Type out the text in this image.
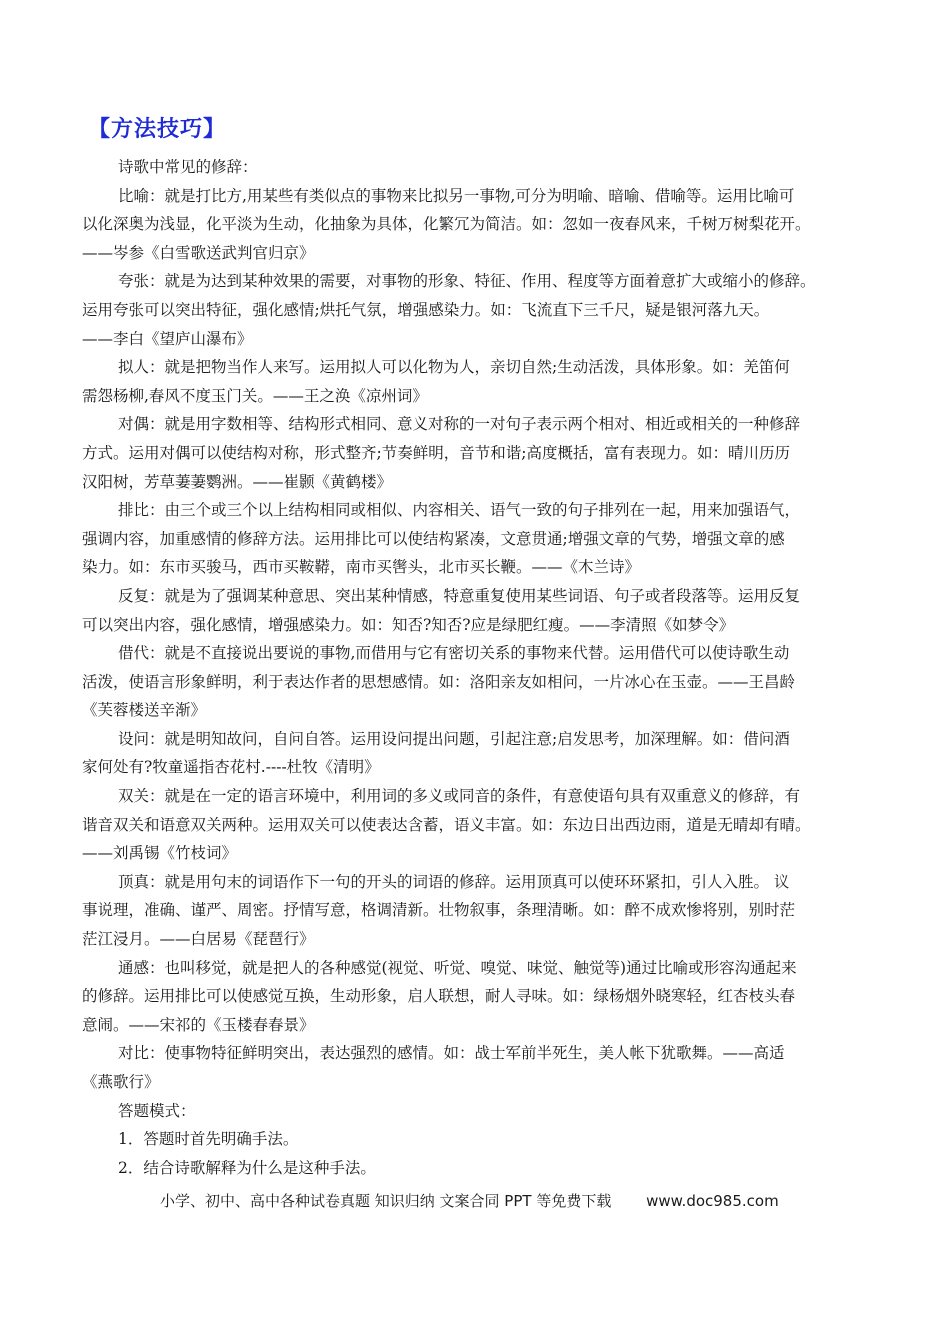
【方法技巧】
诗歌中常见的修辞：
比喻：就是打比方,用某些有类似点的事物来比拟另一事物,可分为明喻、暗喻、借喻等。运用比喻可
以化深奥为浅显，化平淡为生动，化抽象为具体，化繁冗为简洁。如：忽如一夜春风来，千树万树梨花开。
——岑参《白雪歌送武判官归京》
夸张：就是为达到某种效果的需要，对事物的形象、特征、作用、程度等方面着意扩大或缩小的修辞。
运用夸张可以突出特征，强化感情;烘托气氛，增强感染力。如：飞流直下三千尺，疑是银河落九天。
——李白《望庐山瀑布》
拟人：就是把物当作人来写。运用拟人可以化物为人，亲切自然;生动活泼，具体形象。如：羌笛何
需怨杨柳,春风不度玉门关。——王之涣《凉州词》
对偶：就是用字数相等、结构形式相同、意义对称的一对句子表示两个相对、相近或相关的一种修辞
方式。运用对偶可以使结构对称，形式整齐;节奏鲜明，音节和谐;高度概括，富有表现力。如：晴川历历
汉阳树，芳草萋萋鹦洲。——崔颢《黄鹤楼》
排比：由三个或三个以上结构相同或相似、内容相关、语气一致的句子排列在一起，用来加强语气，
强调内容，加重感情的修辞方法。运用排比可以使结构紧凑，文意贯通;增强文章的气势，增强文章的感
染力。如：东市买骏马，西市买鞍鞯，南市买辔头，北市买长鞭。——《木兰诗》
反复：就是为了强调某种意思、突出某种情感，特意重复使用某些词语、句子或者段落等。运用反复
可以突出内容，强化感情，增强感染力。如：知否?知否?应是绿肥红瘦。——李清照《如梦令》
借代：就是不直接说出要说的事物,而借用与它有密切关系的事物来代替。运用借代可以使诗歌生动
活泼，使语言形象鲜明，利于表达作者的思想感情。如：洛阳亲友如相问，一片冰心在玉壶。——王昌龄
《芙蓉楼送辛渐》
设问：就是明知故问，自问自答。运用设问提出问题，引起注意;启发思考，加深理解。如：借问酒
家何处有?牧童遥指杏花村.----杜牧《清明》
双关：就是在一定的语言环境中，利用词的多义或同音的条件，有意使语句具有双重意义的修辞，有
谐音双关和语意双关两种。运用双关可以使表达含蓄，语义丰富。如：东边日出西边雨，道是无晴却有晴。
——刘禹锡《竹枝词》
顶真：就是用句末的词语作下一句的开头的词语的修辞。运用顶真可以使环环紧扣，引人入胜。 议
事说理，准确、谨严、周密。抒情写意，格调清新。壮物叙事，条理清晰。如：醉不成欢惨将别，别时茫
茫江浸月。——白居易《琵琶行》
通感：也叫移觉，就是把人的各种感觉(视觉、听觉、嗅觉、味觉、触觉等)通过比喻或形容沟通起来
的修辞。运用排比可以使感觉互换，生动形象，启人联想，耐人寻味。如：绿杨烟外晓寒轻，红杏枝头春
意闹。——宋祁的《玉楼春春景》
对比：使事物特征鲜明突出，表达强烈的感情。如：战士军前半死生，美人帐下犹歌舞。——高适
《燕歌行》
答题模式：
1．答题时首先明确手法。
2．结合诗歌解释为什么是这种手法。
小学、初中、高中各种试卷真题 知识归纳 文案合同 PPT 等免费下载 www.doc985.com
